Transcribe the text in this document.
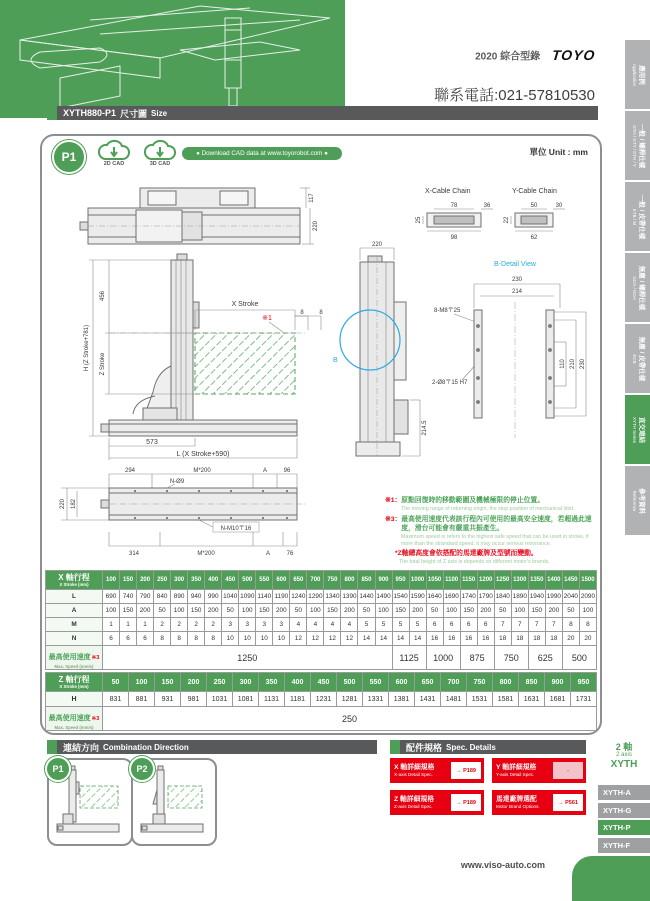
2020 綜合型錄 TOYO
聯系電話:021-57810530
應用例
Application
一般 / 螺桿仕樣
GTH / GTY / ETH / Y
一般 / 皮帶仕樣
ETB / M
無塵 / 螺桿仕樣
GCH / ECH
無塵 / 皮帶仕樣
ECB
直交連結
XYTH Series
參考資料
Reference
XYTH880-P1 尺寸圖 Size
P1	2D CAD	3D CAD
● Download CAD data at www.toyorobot.com ●	單位 Unit : mm
117
220
X-Cable Chain	Y-Cable Chain
78	36
25
98
50	30
22
62
H (Z Stroke+781)
456
Z Stroke
X Stroke
※1
8	8
573
L (X Stroke+590)
B
220
214.5
B-Detail View
230
214
8-M8〒25
2-Ø8〒15 H7
110 210 230
294	M*200	A	96
N-Ø9
220 182
N-M10〒16
314	M*200	A	76
※1： 原點回復時的移動範圍及機械極限的停止位置。
The moving range of returning origin, the stop position of mechanical limit.
※3： 最高使用速度代表該行程內可使用的最高安全速度，若超過此速度，滑台可能會有嚴重共振產生。
Maximum speed is refers to the highest safe speed that can be used in stroke, if more than the strandard speed, it may occur serious resonance.
*Z軸總高度會依搭配的馬達廠牌及型號而變動。
The total height of Z axis is depends on different motor's brands.
X 軸行程
X Stroke (mm)	100	150	200	250	300	350	400	450	500	550	600	650	700	750	800	850	900	950	1000	1050	1100	1150	1200	1250	1300	1350	1400	1450	1500
L	690	740	790	840	890	940	990	1040	1090	1140	1190	1240	1290	1340	1390	1440	1490	1540	1590	1640	1690	1740	1790	1840	1890	1940	1990	2040	2090
A	100	150	200	50	100	150	200	50	100	150	200	50	100	150	200	50	100	150	200	50	100	150	200	50	100	150	200	50	100
M	1	1	1	2	2	2	2	3	3	3	3	4	4	4	4	5	5	5	5	6	6	6	6	7	7	7	7	8	8
N	6	6	6	8	8	8	8	10	10	10	10	12	12	12	12	14	14	14	14	16	16	16	16	18	18	18	18	20	20

最高使用速度※3
Max. Speed (mm/s)	1250																	1125		1000		875		750		625		500	
Z 軸行程
X Stroke (mm)	50	100	150	200	250	300	350	400	450	500	550	600	650	700	750	800	850	900	950
H	831	881	931	981	1031	1081	1131	1181	1231	1281	1331	1381	1431	1481	1531	1581	1631	1681	1731

最高使用速度※3
Max. Speed (mm/s)	250																		
連結方向 Combination Direction
P1	P2
配件規格 Spec. Details
X 軸詳細規格
X-axis Detail Spec.
→ P189	Y 軸詳細規格
Y-axis Detail Spec.
-
Z 軸詳細規格
Z-axis Detail Spec.
→ P189	馬達廠牌選配
Motor Brand Options.
→ P561
2 軸
2 axis
XYTH
XYTH-A
XYTH-G
XYTH-P
XYTH-F
www.viso-auto.com
